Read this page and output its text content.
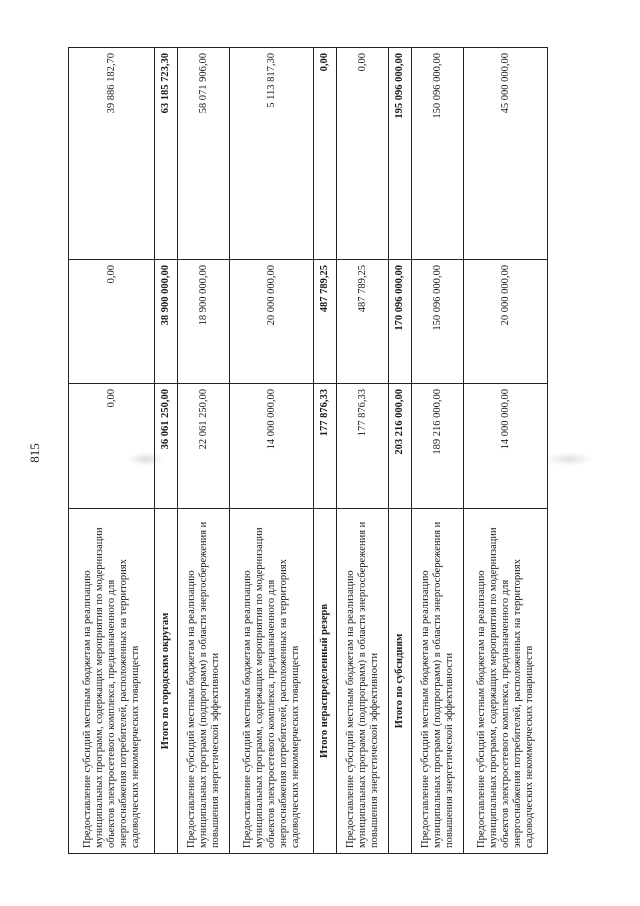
815
Предоставление субсидий местным бюджетам на реализацию муниципальных программ, содержащих мероприятия по модернизации объектов электросетевого комплекса, предназначенного для энергоснабжения потребителей, расположенных на территориях садоводческих некоммерческих товариществ	0,00	0,00	39 886 182,70
Итого по городским округам	36 061 250,00	38 900 000,00	63 185 723,30
Предоставление субсидий местным бюджетам на реализацию муниципальных программ (подпрограмм) в области энергосбережения и повышения энергетической эффективности	22 061 250,00	18 900 000,00	58 071 906,00
Предоставление субсидий местным бюджетам на реализацию муниципальных программ, содержащих мероприятия по модернизации объектов электросетевого комплекса, предназначенного для энергоснабжения потребителей, расположенных на территориях садоводческих некоммерческих товариществ	14 000 000,00	20 000 000,00	5 113 817,30
Итого нераспределенный резерв	177 876,33	487 789,25	0,00
Предоставление субсидий местным бюджетам на реализацию муниципальных программ (подпрограмм) в области энергосбережения и повышения энергетической эффективности	177 876,33	487 789,25	0,00
Итого по субсидиям	203 216 000,00	170 096 000,00	195 096 000,00
Предоставление субсидий местным бюджетам на реализацию муниципальных программ (подпрограмм) в области энергосбережения и повышения энергетической эффективности	189 216 000,00	150 096 000,00	150 096 000,00
Предоставление субсидий местным бюджетам на реализацию муниципальных программ, содержащих мероприятия по модернизации объектов электросетевого комплекса, предназначенного для энергоснабжения потребителей, расположенных на территориях садоводческих некоммерческих товариществ	14 000 000,00	20 000 000,00	45 000 000,00
